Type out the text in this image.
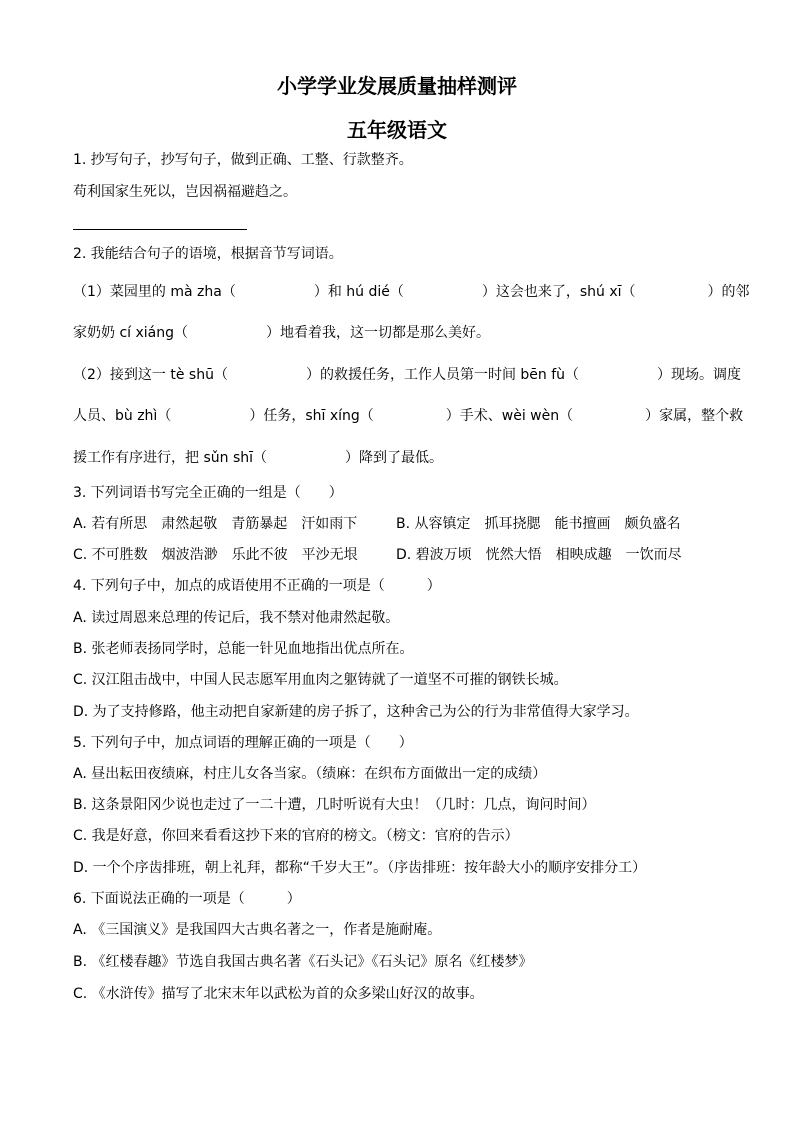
小学学业发展质量抽样测评
五年级语文
1. 抄写句子，抄写句子，做到正确、工整、行款整齐。
苟利国家生死以，岂因祸福避趋之。
2. 我能结合句子的语境，根据音节写词语。
（1）菜园里的 mà zha（	）和 hú dié（	）这会也来了，shú xī（	）的邻
家奶奶 cí xiáng（	）地看着我，这一切都是那么美好。
（2）接到这一 tè shū（	）的救援任务，工作人员第一时间 bēn fù（	）现场。调度
人员、bù zhì（	）任务，shī xíng（	）手术、wèi wèn（	）家属，整个救
援工作有序进行，把 sǔn shī（	）降到了最低。
3. 下列词语书写完全正确的一组是（　　）
A. 若有所思　肃然起敬　青筋暴起　汗如雨下	B. 从容镇定　抓耳挠腮　能书擅画　颇负盛名
C. 不可胜数　烟波浩渺　乐此不彼　平沙无垠	D. 碧波万顷　恍然大悟　相映成趣　一饮而尽
4. 下列句子中，加点的成语使用不正确的一项是（　　　）
A. 读过周恩来总理的传记后，我不禁对他肃然起敬。
B. 张老师表扬同学时，总能一针见血地指出优点所在。
C. 汉江阻击战中，中国人民志愿军用血肉之躯铸就了一道坚不可摧的钢铁长城。
D. 为了支持修路，他主动把自家新建的房子拆了，这种舍己为公的行为非常值得大家学习。
5. 下列句子中，加点词语的理解正确的一项是（　　）
A. 昼出耘田夜绩麻，村庄儿女各当家。（绩麻：在织布方面做出一定的成绩）
B. 这条景阳冈少说也走过了一二十遭，几时听说有大虫！（几时：几点，询问时间）
C. 我是好意，你回来看看这抄下来的官府的榜文。（榜文：官府的告示）
D. 一个个序齿排班，朝上礼拜，都称“千岁大王”。（序齿排班：按年龄大小的顺序安排分工）
6. 下面说法正确的一项是（　　　）
A. 《三国演义》是我国四大古典名著之一，作者是施耐庵。
B. 《红楼春趣》节选自我国古典名著《石头记》《石头记》原名《红楼梦》
C. 《水浒传》描写了北宋末年以武松为首的众多梁山好汉的故事。
